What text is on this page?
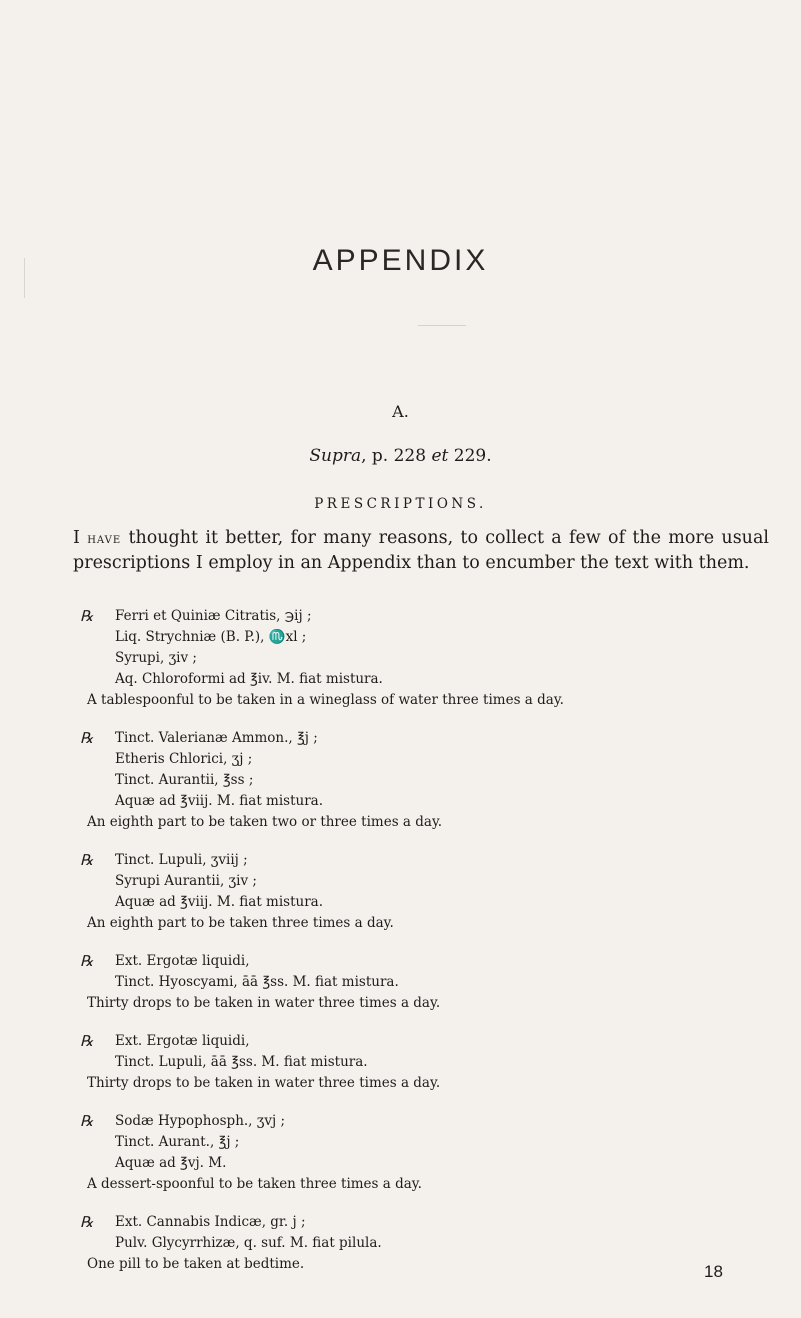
APPENDIX
A.
Supra, p. 228 et 229.
PRESCRIPTIONS.
I have thought it better, for many reasons, to collect a few of the more usual prescriptions I employ in an Appendix than to encumber the text with them.
℞ Ferri et Quiniæ Citratis, ℈ij ;
Liq. Strychniæ (B. P.), ♏xl ;
Syrupi, ʒiv ;
Aq. Chloroformi ad ℥iv. M. fiat mistura.
A tablespoonful to be taken in a wineglass of water three times a day.
℞ Tinct. Valerianæ Ammon., ℥j ;
Etheris Chlorici, ʒj ;
Tinct. Aurantii, ℥ss ;
Aquæ ad ℥viij. M. fiat mistura.
An eighth part to be taken two or three times a day.
℞ Tinct. Lupuli, ʒviij ;
Syrupi Aurantii, ʒiv ;
Aquæ ad ℥viij. M. fiat mistura.
An eighth part to be taken three times a day.
℞ Ext. Ergotæ liquidi,
Tinct. Hyoscyami, āā ℥ss. M. fiat mistura.
Thirty drops to be taken in water three times a day.
℞ Ext. Ergotæ liquidi,
Tinct. Lupuli, āā ℥ss. M. fiat mistura.
Thirty drops to be taken in water three times a day.
℞ Sodæ Hypophosph., ʒvj ;
Tinct. Aurant., ℥j ;
Aquæ ad ℥vj. M.
A dessert-spoonful to be taken three times a day.
℞ Ext. Cannabis Indicæ, gr. j ;
Pulv. Glycyrrhizæ, q. suf. M. fiat pilula.
One pill to be taken at bedtime.	18
